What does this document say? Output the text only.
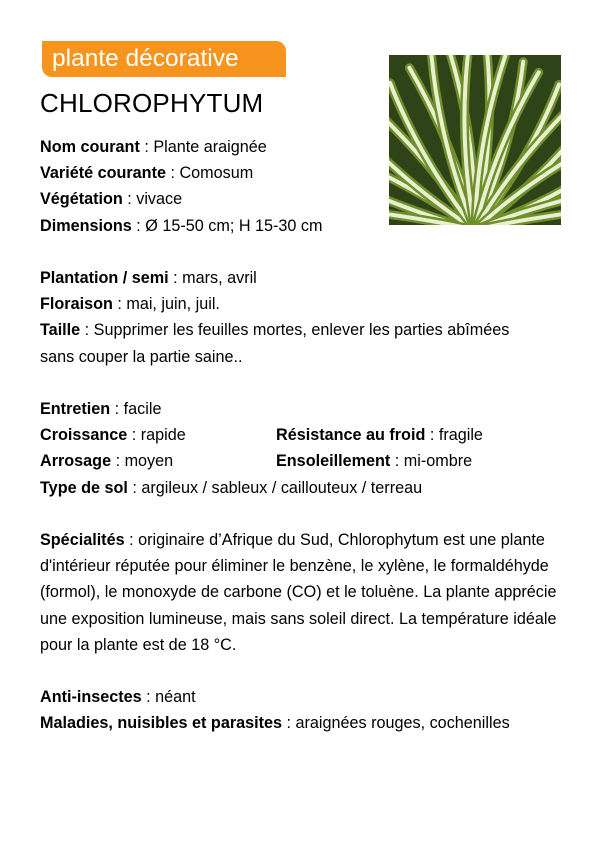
plante décorative
CHLOROPHYTUM
Nom courant : Plante araignée
Variété courante : Comosum
Végétation : vivace
Dimensions : Ø 15-50 cm; H 15-30 cm
Plantation / semi : mars, avril
Floraison : mai, juin, juil.
Taille : Supprimer les feuilles mortes, enlever les parties abîmées sans couper la partie saine..
Entretien : facile
Croissance : rapide	Résistance au froid : fragile
Arrosage : moyen	Ensoleillement : mi-ombre
Type de sol : argileux / sableux / caillouteux / terreau
Spécialités : originaire d’Afrique du Sud, Chlorophytum est une plante d'intérieur réputée pour éliminer le benzène, le xylène, le formaldéhyde (formol), le monoxyde de carbone (CO) et le toluène. La plante apprécie une exposition lumineuse, mais sans soleil direct. La température idéale pour la plante est de 18 °C.
Anti-insectes : néant
Maladies, nuisibles et parasites : araignées rouges, cochenilles
